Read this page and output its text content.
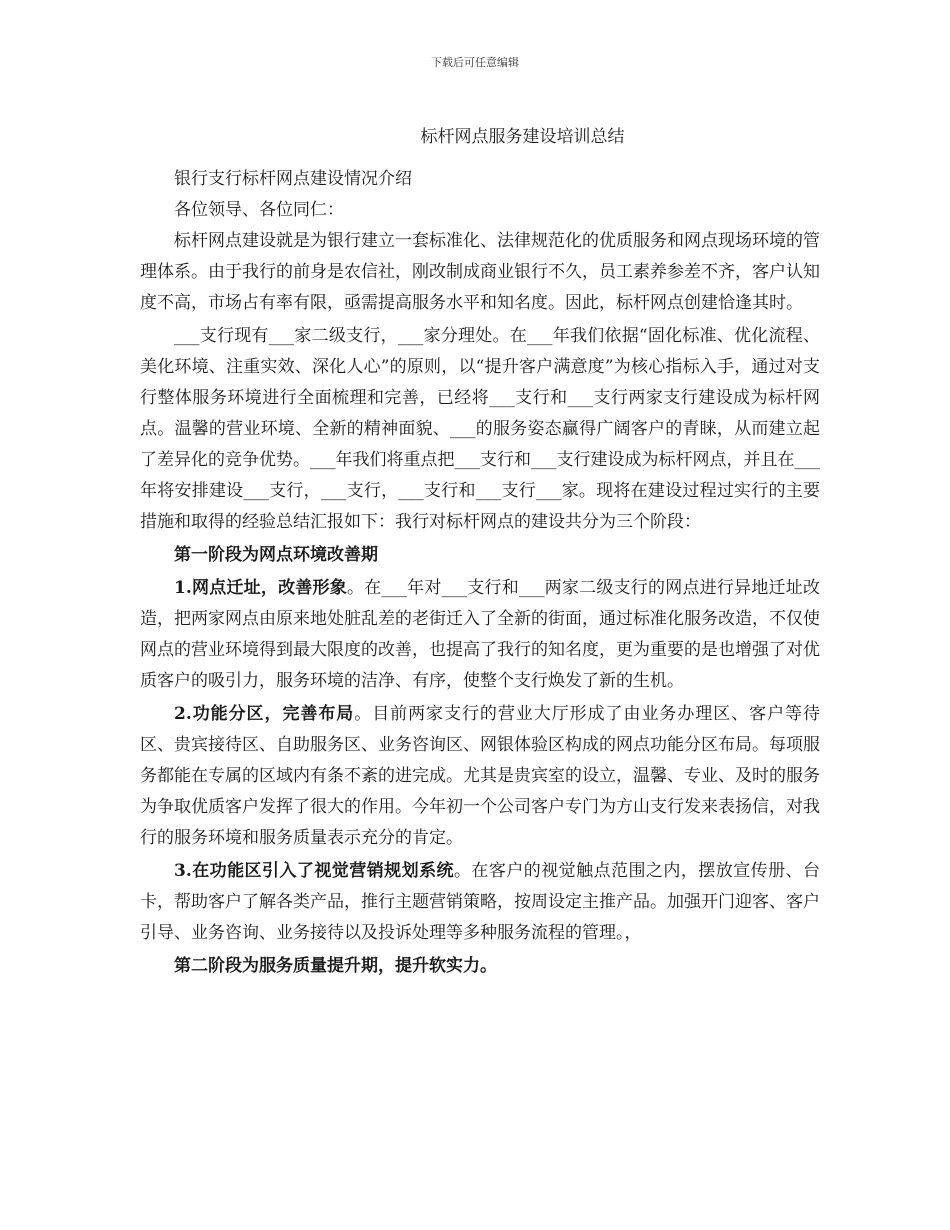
下载后可任意编辑
标杆网点服务建设培训总结

银行支行标杆网点建设情况介绍

各位领导、各位同仁：

标杆网点建设就是为银行建立一套标准化、法律规范化的优质服务和网点现场环境的管理体系。由于我行的前身是农信社，刚改制成商业银行不久，员工素养参差不齐，客户认知度不高，市场占有率有限，亟需提高服务水平和知名度。因此，标杆网点创建恰逢其时。

___支行现有___家二级支行，___家分理处。在___年我们依据“固化标准、优化流程、美化环境、注重实效、深化人心”的原则，以“提升客户满意度”为核心指标入手，通过对支行整体服务环境进行全面梳理和完善，已经将___支行和___支行两家支行建设成为标杆网点。温馨的营业环境、全新的精神面貌、___的服务姿态赢得广阔客户的青睐，从而建立起了差异化的竞争优势。___年我们将重点把___支行和___支行建设成为标杆网点，并且在___年将安排建设___支行，___支行，___支行和___支行___家。现将在建设过程过实行的主要措施和取得的经验总结汇报如下：我行对标杆网点的建设共分为三个阶段：

第一阶段为网点环境改善期

1.网点迁址，改善形象。在___年对___支行和___两家二级支行的网点进行异地迁址改造，把两家网点由原来地处脏乱差的老街迁入了全新的街面，通过标准化服务改造，不仅使网点的营业环境得到最大限度的改善，也提高了我行的知名度，更为重要的是也增强了对优质客户的吸引力，服务环境的洁净、有序，使整个支行焕发了新的生机。

2.功能分区，完善布局。目前两家支行的营业大厅形成了由业务办理区、客户等待区、贵宾接待区、自助服务区、业务咨询区、网银体验区构成的网点功能分区布局。每项服务都能在专属的区域内有条不紊的进完成。尤其是贵宾室的设立，温馨、专业、及时的服务为争取优质客户发挥了很大的作用。今年初一个公司客户专门为方山支行发来表扬信，对我行的服务环境和服务质量表示充分的肯定。

3.在功能区引入了视觉营销规划系统。在客户的视觉触点范围之内，摆放宣传册、台卡，帮助客户了解各类产品，推行主题营销策略，按周设定主推产品。加强开门迎客、客户引导、业务咨询、业务接待以及投诉处理等多种服务流程的管理。，

第二阶段为服务质量提升期，提升软实力。
